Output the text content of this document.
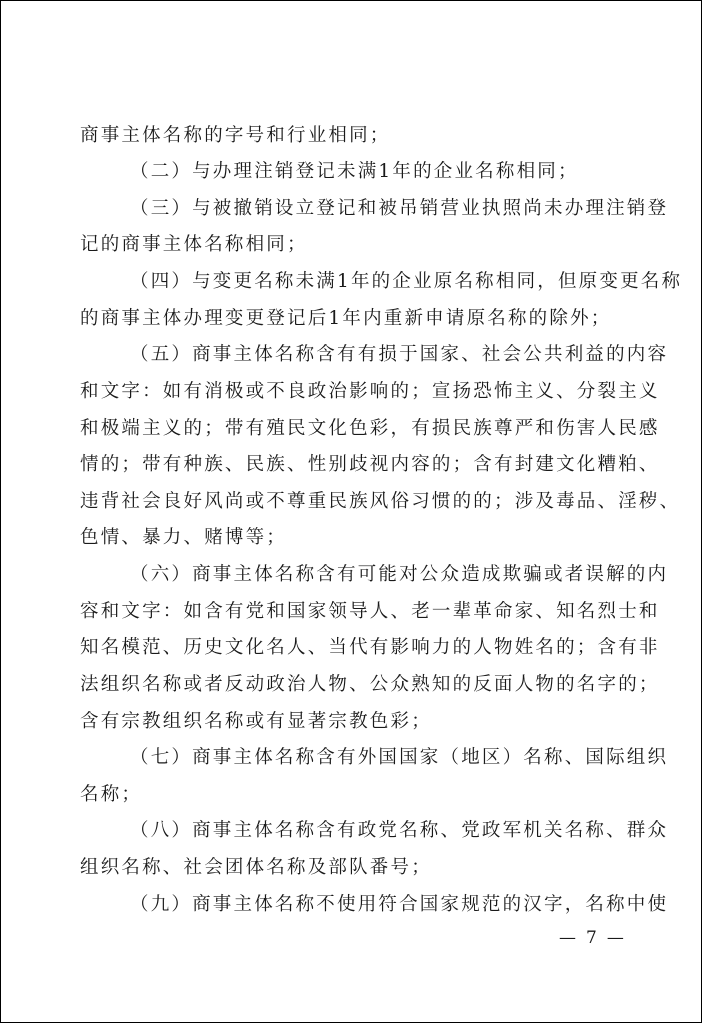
商事主体名称的字号和行业相同；
（二）与办理注销登记未满1年的企业名称相同；
（三）与被撤销设立登记和被吊销营业执照尚未办理注销登
记的商事主体名称相同；
（四）与变更名称未满1年的企业原名称相同，但原变更名称
的商事主体办理变更登记后1年内重新申请原名称的除外；
（五）商事主体名称含有有损于国家、社会公共利益的内容
和文字：如有消极或不良政治影响的；宣扬恐怖主义、分裂主义
和极端主义的；带有殖民文化色彩，有损民族尊严和伤害人民感
情的；带有种族、民族、性别歧视内容的；含有封建文化糟粕、
违背社会良好风尚或不尊重民族风俗习惯的的；涉及毒品、淫秽、
色情、暴力、赌博等；
（六）商事主体名称含有可能对公众造成欺骗或者误解的内
容和文字：如含有党和国家领导人、老一辈革命家、知名烈士和
知名模范、历史文化名人、当代有影响力的人物姓名的；含有非
法组织名称或者反动政治人物、公众熟知的反面人物的名字的；
含有宗教组织名称或有显著宗教色彩；
（七）商事主体名称含有外国国家（地区）名称、国际组织
名称；
（八）商事主体名称含有政党名称、党政军机关名称、群众
组织名称、社会团体名称及部队番号；
（九）商事主体名称不使用符合国家规范的汉字，名称中使
— 7 —
